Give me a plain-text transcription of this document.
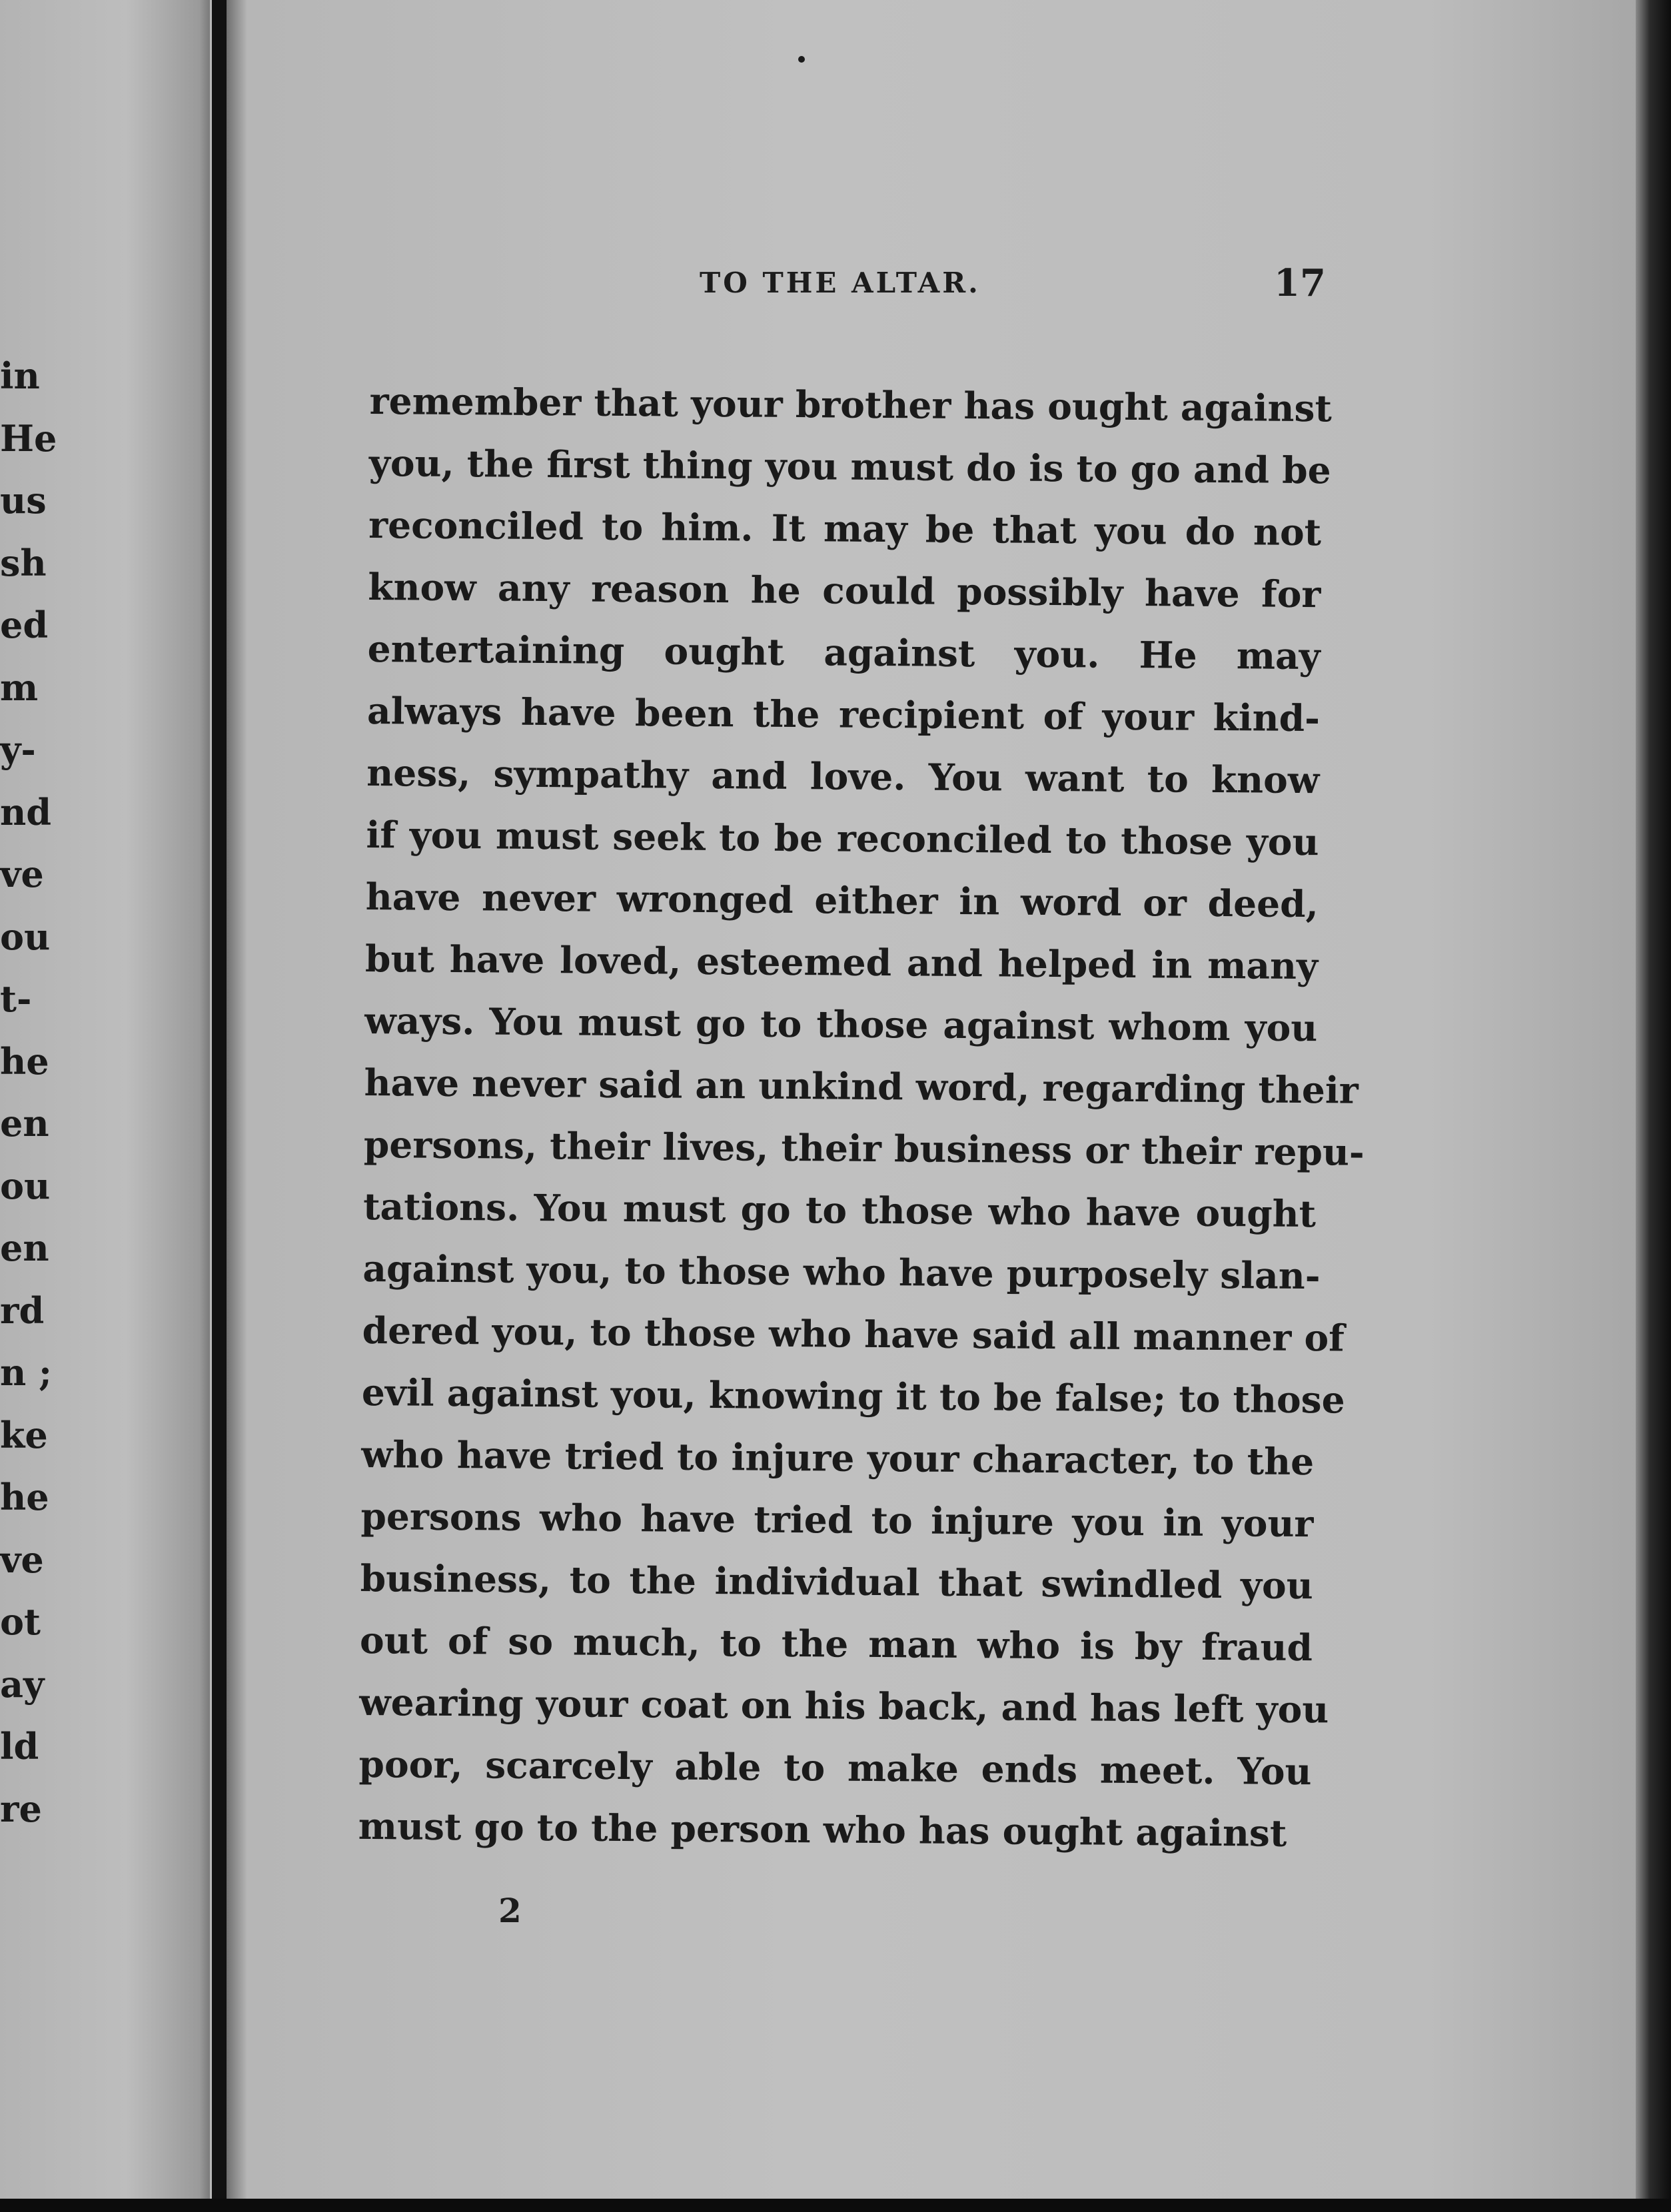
in
He
us
sh
ed
m
y-
nd
ve
ou
t-
he
en
ou
en
rd
n ;
ke
he
ve
ot
ay
ld
re
TO THE ALTAR.	17
remember that your brother has ought against
you, the first thing you must do is to go and be
reconciled to him. It may be that you do not
know any reason he could possibly have for
entertaining ought against you. He may
always have been the recipient of your kind-
ness, sympathy and love. You want to know
if you must seek to be reconciled to those you
have never wronged either in word or deed,
but have loved, esteemed and helped in many
ways. You must go to those against whom you
have never said an unkind word, regarding their
persons, their lives, their business or their repu-
tations. You must go to those who have ought
against you, to those who have purposely slan-
dered you, to those who have said all manner of
evil against you, knowing it to be false; to those
who have tried to injure your character, to the
persons who have tried to injure you in your
business, to the individual that swindled you
out of so much, to the man who is by fraud
wearing your coat on his back, and has left you
poor, scarcely able to make ends meet. You
must go to the person who has ought against
2
